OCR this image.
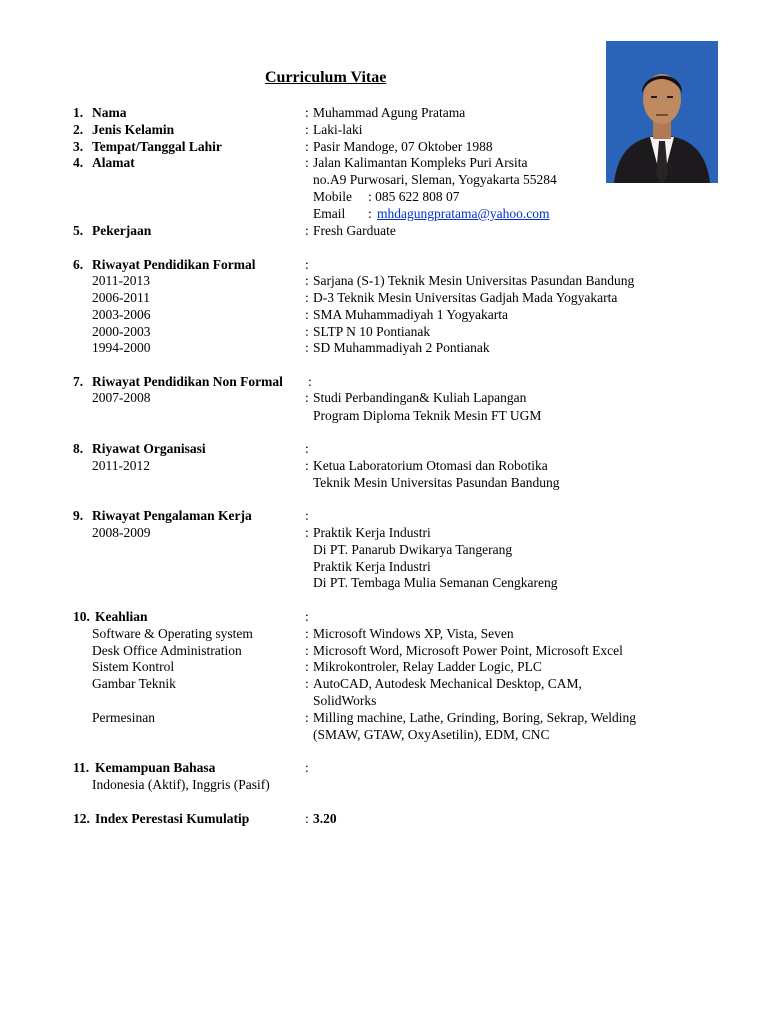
Curriculum Vitae
1. Nama	: Muhammad Agung Pratama
2. Jenis Kelamin	: Laki-laki
3. Tempat/Tanggal Lahir	: Pasir Mandoge, 07 Oktober 1988
4. Alamat	: Jalan Kalimantan Kompleks Puri Arsita
no.A9 Purwosari, Sleman, Yogyakarta 55284
Mobile : 085 622 808 07
Email : mhdagungpratama@yahoo.com
5. Pekerjaan	: Fresh Garduate
6. Riwayat Pendidikan Formal	:
2011-2013	: Sarjana (S-1) Teknik Mesin Universitas Pasundan Bandung
2006-2011	: D-3 Teknik Mesin Universitas Gadjah Mada Yogyakarta
2003-2006	: SMA Muhammadiyah 1 Yogyakarta
2000-2003	: SLTP N 10 Pontianak
1994-2000	: SD Muhammadiyah 2 Pontianak
7. Riwayat Pendidikan Non Formal :
2007-2008	: Studi Perbandingan& Kuliah Lapangan
Program Diploma Teknik Mesin FT UGM
8. Riyawat Organisasi	:
2011-2012	: Ketua Laboratorium Otomasi dan Robotika
Teknik Mesin Universitas Pasundan Bandung
9. Riwayat Pengalaman Kerja	:
2008-2009	: Praktik Kerja Industri
Di PT. Panarub Dwikarya Tangerang
Praktik Kerja Industri
Di PT. Tembaga Mulia Semanan Cengkareng
10. Keahlian	:
Software & Operating system	: Microsoft Windows XP, Vista, Seven
Desk Office Administration	: Microsoft Word, Microsoft Power Point, Microsoft Excel
Sistem Kontrol	: Mikrokontroler, Relay Ladder Logic, PLC
Gambar Teknik	: AutoCAD, Autodesk Mechanical Desktop, CAM,
SolidWorks
Permesinan	: Milling machine, Lathe, Grinding, Boring, Sekrap, Welding
(SMAW, GTAW, OxyAsetilin), EDM, CNC
11. Kemampuan Bahasa	:
Indonesia (Aktif), Inggris (Pasif)
12. Index Perestasi Kumulatip	: 3.20
